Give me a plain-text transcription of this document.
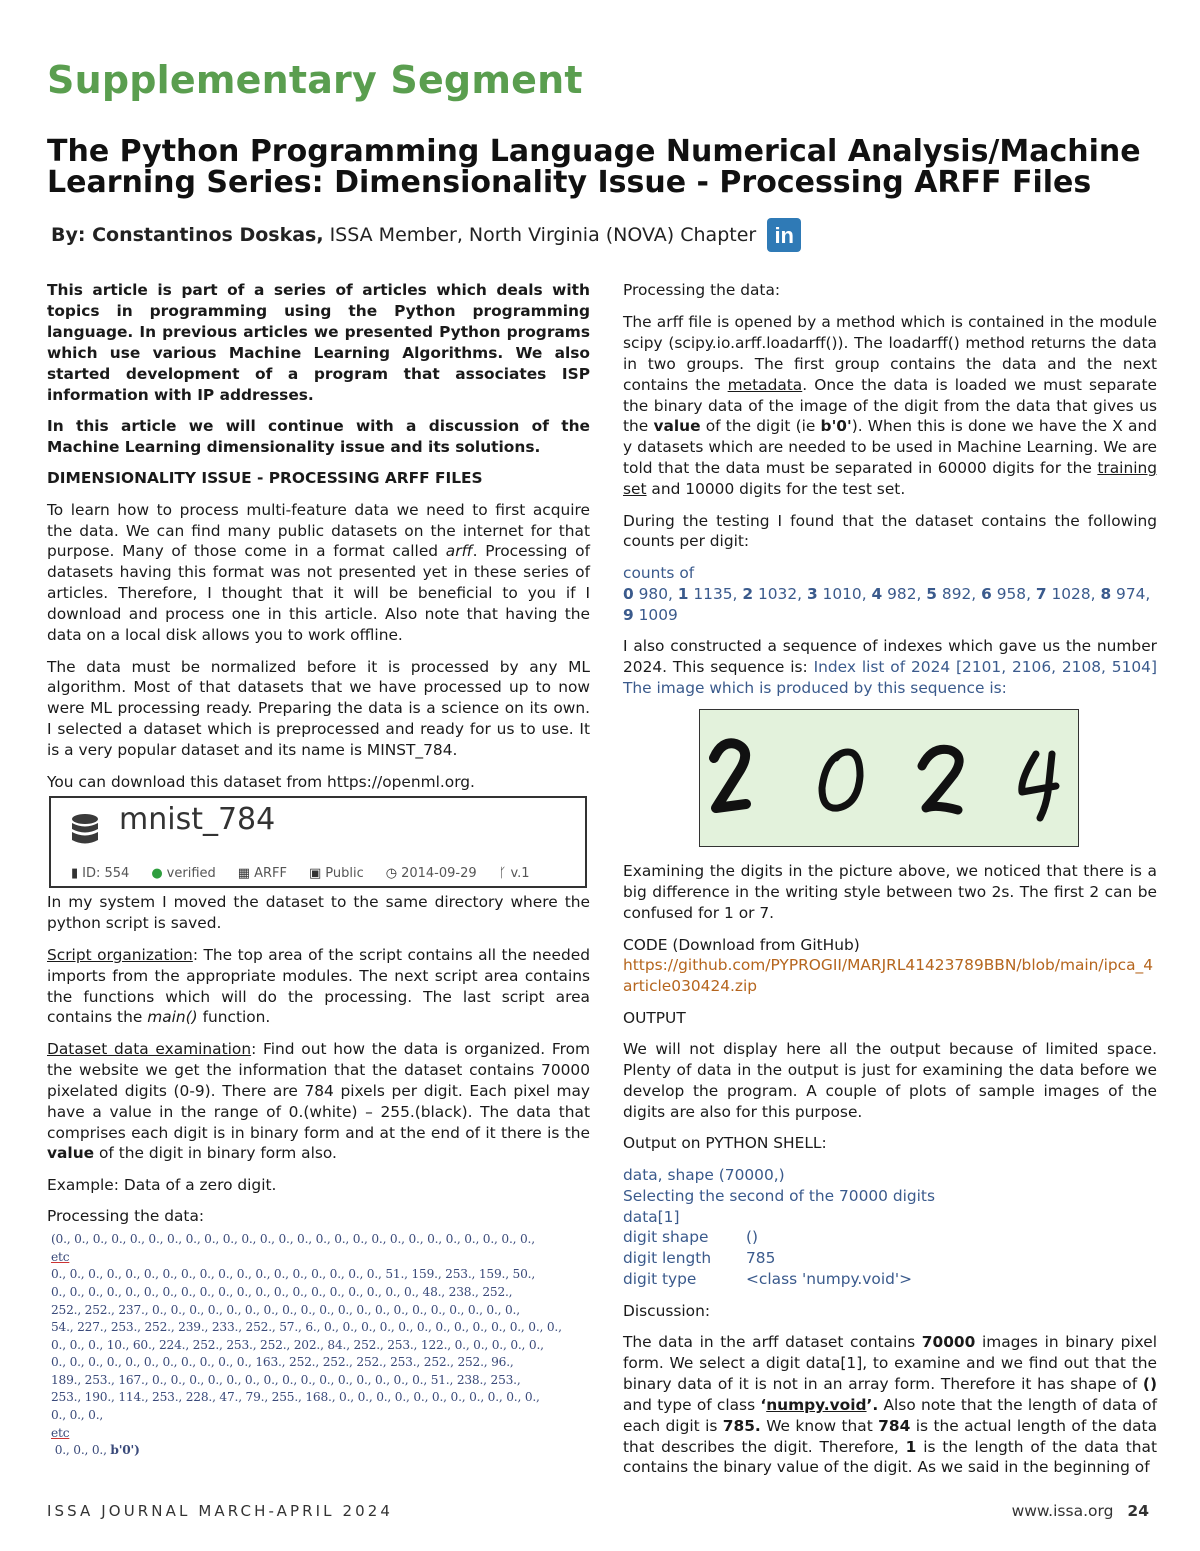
Supplementary Segment
The Python Programming Language Numerical Analysis/Machine Learning Series: Dimensionality Issue - Processing ARFF Files
By: Constantinos Doskas, ISSA Member, North Virginia (NOVA) Chapter in

This article is part of a series of articles which deals with topics in programming using the Python programming language. In previous articles we presented Python programs which use various Machine Learning Algorithms. We also started development of a program that associates ISP information with IP addresses.

In this article we will continue with a discussion of the Machine Learning dimensionality issue and its solutions.

DIMENSIONALITY ISSUE - PROCESSING ARFF FILES

To learn how to process multi-feature data we need to first acquire the data. We can find many public datasets on the internet for that purpose. Many of those come in a format called arff. Processing of datasets having this format was not presented yet in these series of articles. Therefore, I thought that it will be beneficial to you if I download and process one in this article. Also note that having the data on a local disk allows you to work offline.

The data must be normalized before it is processed by any ML algorithm. Most of that datasets that we have processed up to now were ML processing ready. Preparing the data is a science on its own. I selected a dataset which is preprocessed and ready for us to use. It is a very popular dataset and its name is MINST_784.

You can download this dataset from https://openml.org.

mnist_784
▮ ID: 554 ● verified ▦ ARFF ▣ Public ◷ 2014-09-29 ᚴ v.1

In my system I moved the dataset to the same directory where the python script is saved.

Script organization: The top area of the script contains all the needed imports from the appropriate modules. The next script area contains the functions which will do the processing. The last script area contains the main() function.

Dataset data examination: Find out how the data is organized. From the website we get the information that the dataset contains 70000 pixelated digits (0-9). There are 784 pixels per digit. Each pixel may have a value in the range of 0.(white) – 255.(black). The data that comprises each digit is in binary form and at the end of it there is the value of the digit in binary form also.

Example: Data of a zero digit.

Processing the data:

(0., 0., 0., 0., 0., 0., 0., 0., 0., 0., 0., 0., 0., 0., 0., 0., 0., 0., 0., 0., 0., 0., 0., 0., 0., 0.,
etc
0., 0., 0., 0., 0., 0., 0., 0., 0., 0., 0., 0., 0., 0., 0., 0., 0., 0., 51., 159., 253., 159., 50.,
0., 0., 0., 0., 0., 0., 0., 0., 0., 0., 0., 0., 0., 0., 0., 0., 0., 0., 0., 0., 48., 238., 252.,
252., 252., 237., 0., 0., 0., 0., 0., 0., 0., 0., 0., 0., 0., 0., 0., 0., 0., 0., 0., 0., 0., 0.,
54., 227., 253., 252., 239., 233., 252., 57., 6., 0., 0., 0., 0., 0., 0., 0., 0., 0., 0., 0., 0., 0.,
0., 0., 0., 10., 60., 224., 252., 253., 252., 202., 84., 252., 253., 122., 0., 0., 0., 0., 0.,
0., 0., 0., 0., 0., 0., 0., 0., 0., 0., 0., 163., 252., 252., 252., 253., 252., 252., 96.,
189., 253., 167., 0., 0., 0., 0., 0., 0., 0., 0., 0., 0., 0., 0., 0., 0., 0., 51., 238., 253.,
253., 190., 114., 253., 228., 47., 79., 255., 168., 0., 0., 0., 0., 0., 0., 0., 0., 0., 0., 0.,
0., 0., 0.,
etc
0., 0., 0., b'0')

Processing the data:

The arff file is opened by a method which is contained in the module scipy (scipy.io.arff.loadarff()). The loadarff() method returns the data in two groups. The first group contains the data and the next contains the metadata. Once the data is loaded we must separate the binary data of the image of the digit from the data that gives us the value of the digit (ie b'0'). When this is done we have the X and y datasets which are needed to be used in Machine Learning. We are told that the data must be separated in 60000 digits for the training set and 10000 digits for the test set.

During the testing I found that the dataset contains the following counts per digit:

counts of
0 980, 1 1135, 2 1032, 3 1010, 4 982, 5 892, 6 958, 7 1028, 8 974, 9 1009

I also constructed a sequence of indexes which gave us the number 2024. This sequence is: Index list of 2024 [2101, 2106, 2108, 5104] The image which is produced by this sequence is:

Examining the digits in the picture above, we noticed that there is a big difference in the writing style between two 2s. The first 2 can be confused for 1 or 7.

CODE (Download from GitHub)
https://github.com/PYPROGII/MARJRL41423789BBN/blob/main/ipca_4article030424.zip

OUTPUT

We will not display here all the output because of limited space. Plenty of data in the output is just for examining the data before we develop the program. A couple of plots of sample images of the digits are also for this purpose.

Output on PYTHON SHELL:

data, shape (70000,)
Selecting the second of the 70000 digits
data[1]
digit shape	()
digit length	785
digit type	<class 'numpy.void'>

Discussion:

The data in the arff dataset contains 70000 images in binary pixel form. We select a digit data[1], to examine and we find out that the binary data of it is not in an array form. Therefore it has shape of () and type of class ‘numpy.void’. Also note that the length of data of each digit is 785. We know that 784 is the actual length of the data that describes the digit. Therefore, 1 is the length of the data that contains the binary value of the digit. As we said in the beginning of

ISSA JOURNAL MARCH-APRIL 2024	www.issa.org 24
